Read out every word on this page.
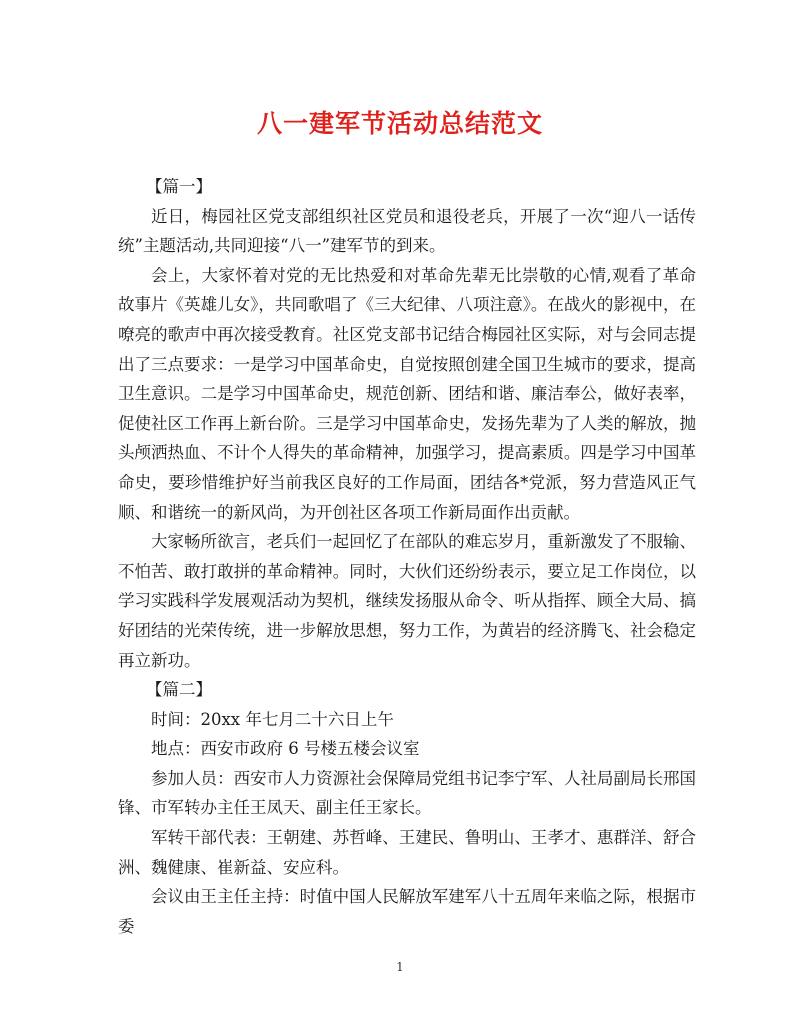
八一建军节活动总结范文

【篇一】

近日，梅园社区党支部组织社区党员和退役老兵，开展了一次“迎八一话传统”主题活动,共同迎接“八一”建军节的到来。

会上，大家怀着对党的无比热爱和对革命先辈无比崇敬的心情,观看了革命故事片《英雄儿女》，共同歌唱了《三大纪律、八项注意》。在战火的影视中，在嘹亮的歌声中再次接受教育。社区党支部书记结合梅园社区实际，对与会同志提出了三点要求：一是学习中国革命史，自觉按照创建全国卫生城市的要求，提高卫生意识。二是学习中国革命史，规范创新、团结和谐、廉洁奉公，做好表率，促使社区工作再上新台阶。三是学习中国革命史，发扬先辈为了人类的解放，抛头颅洒热血、不计个人得失的革命精神，加强学习，提高素质。四是学习中国革命史，要珍惜维护好当前我区良好的工作局面，团结各*党派，努力营造风正气顺、和谐统一的新风尚，为开创社区各项工作新局面作出贡献。

大家畅所欲言，老兵们一起回忆了在部队的难忘岁月，重新激发了不服输、不怕苦、敢打敢拼的革命精神。同时，大伙们还纷纷表示，要立足工作岗位，以学习实践科学发展观活动为契机，继续发扬服从命令、听从指挥、顾全大局、搞好团结的光荣传统，进一步解放思想，努力工作，为黄岩的经济腾飞、社会稳定再立新功。

【篇二】

时间：20xx 年七月二十六日上午

地点：西安市政府 6 号楼五楼会议室

参加人员：西安市人力资源社会保障局党组书记李宁军、人社局副局长邢国锋、市军转办主任王凤天、副主任王家长。

军转干部代表：王朝建、苏哲峰、王建民、鲁明山、王孝才、惠群洋、舒合洲、魏健康、崔新益、安应科。

会议由王主任主持：时值中国人民解放军建军八十五周年来临之际，根据市委

1
